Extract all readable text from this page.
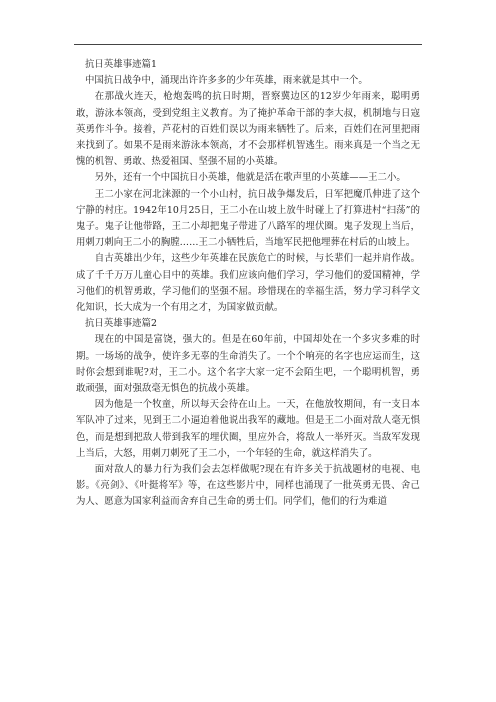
抗日英雄事迹篇1

中国抗日战争中，涌现出许许多多的少年英雄，雨来就是其中一个。

在那战火连天，枪炮轰鸣的抗日时期，晋察冀边区的12岁少年雨来，聪明勇敢，游泳本领高，受到党组主义教育。为了掩护革命干部的李大叔，机制地与日寇英勇作斗争。接着，芦花村的百姓们误以为雨来牺牲了。后来，百姓们在河里把雨来找到了。如果不是雨来游泳本领高，才不会那样机智逃生。雨来真是一个当之无愧的机智、勇敢、热爱祖国、坚强不屈的小英雄。

另外，还有一个中国抗日小英雄，他就是活在歌声里的小英雄——王二小。

王二小家在河北涞源的一个小山村，抗日战争爆发后，日军把魔爪伸进了这个宁静的村庄。1942年10月25日，王二小在山坡上放牛时碰上了打算进村“扫荡”的鬼子。鬼子让他带路，王二小却把鬼子带进了八路军的埋伏圈。鬼子发现上当后，用刺刀刺向王二小的胸膛……王二小牺牲后，当地军民把他埋葬在村后的山坡上。

自古英雄出少年，这些少年英雄在民族危亡的时候，与长辈们一起并肩作战。成了千千万万儿童心目中的英雄。我们应该向他们学习，学习他们的爱国精神，学习他们的机智勇敢，学习他们的坚强不屈。珍惜现在的幸福生活，努力学习科学文化知识，长大成为一个有用之才，为国家做贡献。

抗日英雄事迹篇2

现在的中国是富饶，强大的。但是在60年前，中国却处在一个多灾多难的时期。一场场的战争，使许多无辜的生命消失了。一个个响亮的名字也应运而生，这时你会想到谁呢?对，王二小。这个名字大家一定不会陌生吧，一个聪明机智，勇敢顽强，面对强敌毫无惧色的抗战小英雄。

因为他是一个牧童，所以每天会待在山上。一天，在他放牧期间，有一支日本军队冲了过来，见到王二小逼迫着他说出我军的藏地。但是王二小面对敌人毫无惧色，而是想到把敌人带到我军的埋伏圈，里应外合，将敌人一举歼灭。当敌军发现上当后，大怒，用刺刀刺死了王二小，一个年轻的生命，就这样消失了。

面对敌人的暴力行为我们会去怎样做呢?现在有许多关于抗战题材的电视、电影。《亮剑》、《叶挺将军》等，在这些影片中，同样也涌现了一批英勇无畏、舍己为人、愿意为国家利益而舍弃自己生命的勇士们。同学们，他们的行为难道
